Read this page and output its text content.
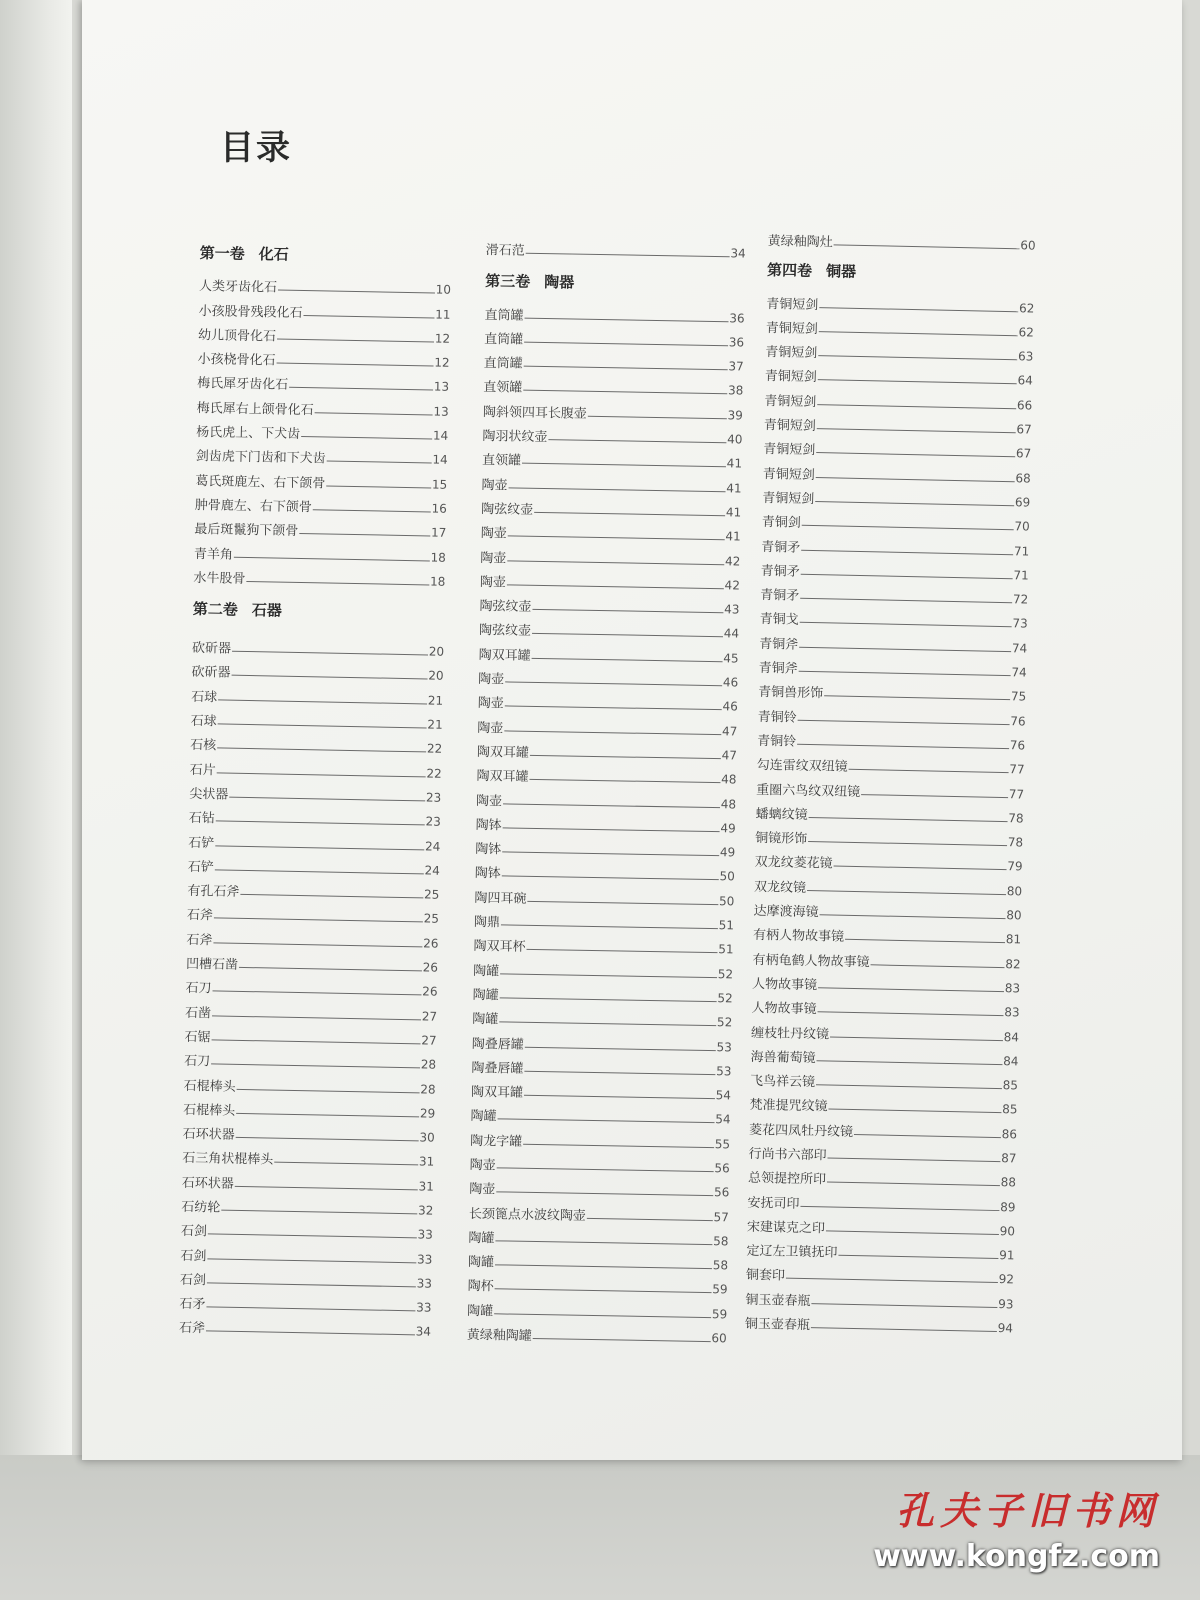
目录
第一卷 化石
人类牙齿化石	10
小孩股骨残段化石	11
幼儿顶骨化石	12
小孩桡骨化石	12
梅氏犀牙齿化石	13
梅氏犀右上颌骨化石	13
杨氏虎上、下犬齿	14
剑齿虎下门齿和下犬齿	14
葛氏斑鹿左、右下颌骨	15
肿骨鹿左、右下颌骨	16
最后斑鬣狗下颌骨	17
青羊角	18
水牛股骨	18
第二卷 石器
砍斫器	20
砍斫器	20
石球	21
石球	21
石核	22
石片	22
尖状器	23
石钻	23
石铲	24
石铲	24
有孔石斧	25
石斧	25
石斧	26
凹槽石凿	26
石刀	26
石凿	27
石锯	27
石刀	28
石棍棒头	28
石棍棒头	29
石环状器	30
石三角状棍棒头	31
石环状器	31
石纺轮	32
石剑	33
石剑	33
石剑	33
石矛	33
石斧	34
滑石范	34
第三卷 陶器
直筒罐	36
直筒罐	36
直筒罐	37
直领罐	38
陶斜领四耳长腹壶	39
陶羽状纹壶	40
直领罐	41
陶壶	41
陶弦纹壶	41
陶壶	41
陶壶	42
陶壶	42
陶弦纹壶	43
陶弦纹壶	44
陶双耳罐	45
陶壶	46
陶壶	46
陶壶	47
陶双耳罐	47
陶双耳罐	48
陶壶	48
陶钵	49
陶钵	49
陶钵	50
陶四耳碗	50
陶鼎	51
陶双耳杯	51
陶罐	52
陶罐	52
陶罐	52
陶叠唇罐	53
陶叠唇罐	53
陶双耳罐	54
陶罐	54
陶龙字罐	55
陶壶	56
陶壶	56
长颈篦点水波纹陶壶	57
陶罐	58
陶罐	58
陶杯	59
陶罐	59
黄绿釉陶罐	60
黄绿釉陶灶	60
第四卷 铜器
青铜短剑	62
青铜短剑	62
青铜短剑	63
青铜短剑	64
青铜短剑	66
青铜短剑	67
青铜短剑	67
青铜短剑	68
青铜短剑	69
青铜剑	70
青铜矛	71
青铜矛	71
青铜矛	72
青铜戈	73
青铜斧	74
青铜斧	74
青铜兽形饰	75
青铜铃	76
青铜铃	76
勾连雷纹双纽镜	77
重圈六鸟纹双纽镜	77
蟠螭纹镜	78
铜镜形饰	78
双龙纹菱花镜	79
双龙纹镜	80
达摩渡海镜	80
有柄人物故事镜	81
有柄龟鹤人物故事镜	82
人物故事镜	83
人物故事镜	83
缠枝牡丹纹镜	84
海兽葡萄镜	84
飞鸟祥云镜	85
梵准提咒纹镜	85
菱花四凤牡丹纹镜	86
行尚书六部印	87
总领提控所印	88
安抚司印	89
宋建谋克之印	90
定辽左卫镇抚印	91
铜套印	92
铜玉壶春瓶	93
铜玉壶春瓶	94
孔夫子旧书网
www.kongfz.com
